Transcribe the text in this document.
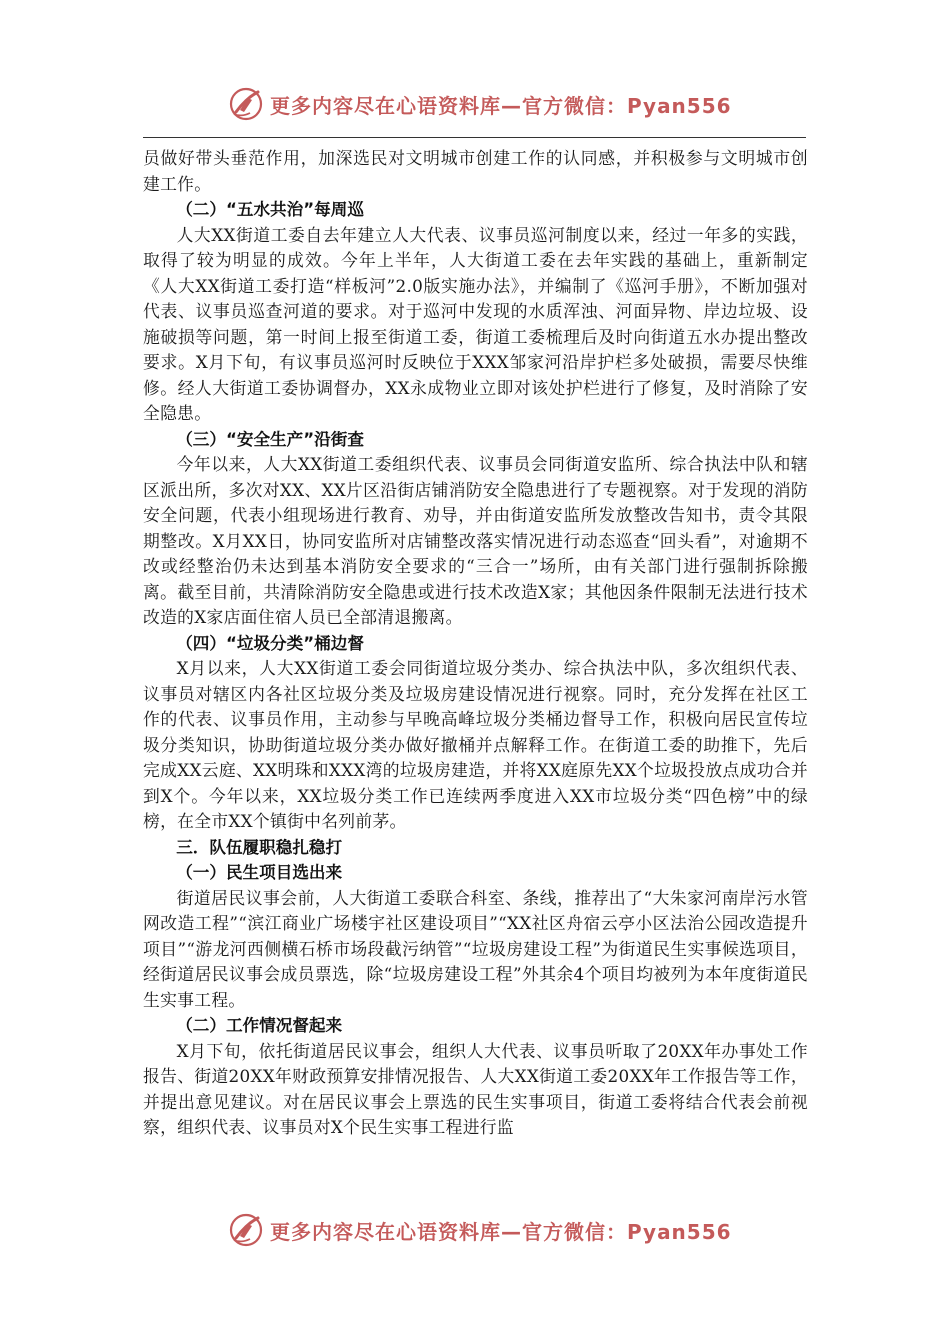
更多内容尽在心语资料库—官方微信：Pyan556

员做好带头垂范作用，加深选民对文明城市创建工作的认同感，并积极参与文明城市创建工作。

（二）“五水共治”每周巡

人大XX街道工委自去年建立人大代表、议事员巡河制度以来，经过一年多的实践，取得了较为明显的成效。今年上半年，人大街道工委在去年实践的基础上，重新制定《人大XX街道工委打造“样板河”2.0版实施办法》，并编制了《巡河手册》，不断加强对代表、议事员巡查河道的要求。对于巡河中发现的水质浑浊、河面异物、岸边垃圾、设施破损等问题，第一时间上报至街道工委，街道工委梳理后及时向街道五水办提出整改要求。X月下旬，有议事员巡河时反映位于XXX邹家河沿岸护栏多处破损，需要尽快维修。经人大街道工委协调督办，XX永成物业立即对该处护栏进行了修复，及时消除了安全隐患。

（三）“安全生产”沿街查

今年以来，人大XX街道工委组织代表、议事员会同街道安监所、综合执法中队和辖区派出所，多次对XX、XX片区沿街店铺消防安全隐患进行了专题视察。对于发现的消防安全问题，代表小组现场进行教育、劝导，并由街道安监所发放整改告知书，责令其限期整改。X月XX日，协同安监所对店铺整改落实情况进行动态巡查“回头看”，对逾期不改或经整治仍未达到基本消防安全要求的“三合一”场所，由有关部门进行强制拆除搬离。截至目前，共清除消防安全隐患或进行技术改造X家；其他因条件限制无法进行技术改造的X家店面住宿人员已全部清退搬离。

（四）“垃圾分类”桶边督

X月以来，人大XX街道工委会同街道垃圾分类办、综合执法中队，多次组织代表、议事员对辖区内各社区垃圾分类及垃圾房建设情况进行视察。同时，充分发挥在社区工作的代表、议事员作用，主动参与早晚高峰垃圾分类桶边督导工作，积极向居民宣传垃圾分类知识，协助街道垃圾分类办做好撤桶并点解释工作。在街道工委的助推下，先后完成XX云庭、XX明珠和XXX湾的垃圾房建造，并将XX庭原先XX个垃圾投放点成功合并到X个。今年以来，XX垃圾分类工作已连续两季度进入XX市垃圾分类“四色榜”中的绿榜，在全市XX个镇街中名列前茅。

三．队伍履职稳扎稳打

（一）民生项目选出来

街道居民议事会前，人大街道工委联合科室、条线，推荐出了“大朱家河南岸污水管网改造工程”“滨江商业广场楼宇社区建设项目”“XX社区舟宿云亭小区法治公园改造提升项目”“游龙河西侧横石桥市场段截污纳管”“垃圾房建设工程”为街道民生实事候选项目，经街道居民议事会成员票选，除“垃圾房建设工程”外其余4个项目均被列为本年度街道民生实事工程。

（二）工作情况督起来

X月下旬，依托街道居民议事会，组织人大代表、议事员听取了20XX年办事处工作报告、街道20XX年财政预算安排情况报告、人大XX街道工委20XX年工作报告等工作，并提出意见建议。对在居民议事会上票选的民生实事项目，街道工委将结合代表会前视察，组织代表、议事员对X个民生实事工程进行监

更多内容尽在心语资料库—官方微信：Pyan556
